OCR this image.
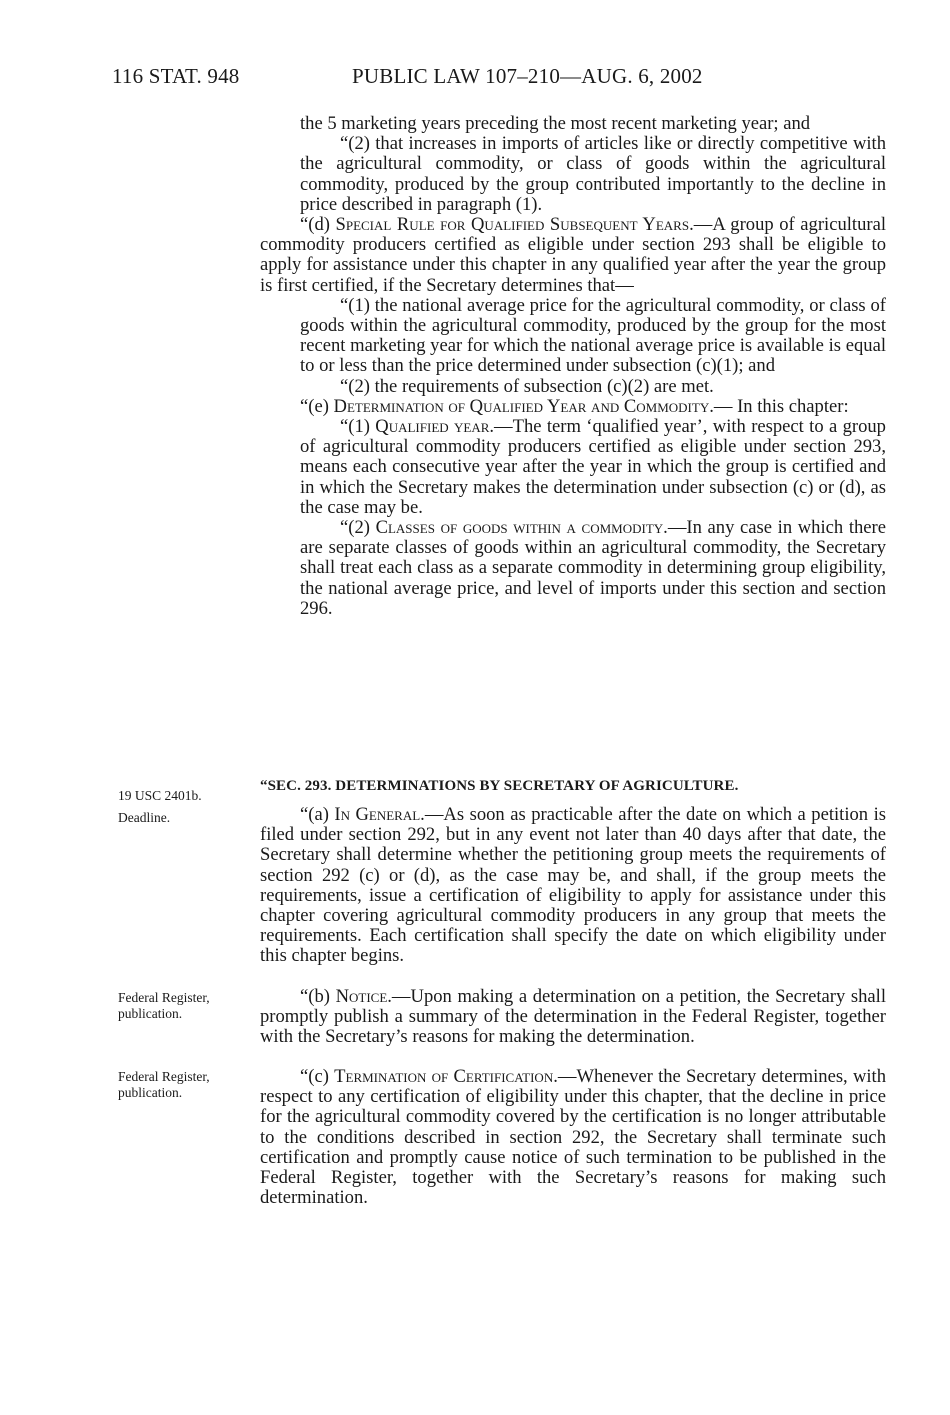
116 STAT. 948	PUBLIC LAW 107–210—AUG. 6, 2002

the 5 marketing years preceding the most recent marketing year; and

“(2) that increases in imports of articles like or directly competitive with the agricultural commodity, or class of goods within the agricultural commodity, produced by the group contributed importantly to the decline in price described in paragraph (1).

“(d) Special Rule for Qualified Subsequent Years.—A group of agricultural commodity producers certified as eligible under section 293 shall be eligible to apply for assistance under this chapter in any qualified year after the year the group is first certified, if the Secretary determines that—

“(1) the national average price for the agricultural commodity, or class of goods within the agricultural commodity, produced by the group for the most recent marketing year for which the national average price is available is equal to or less than the price determined under subsection (c)(1); and

“(2) the requirements of subsection (c)(2) are met.

“(e) Determination of Qualified Year and Commodity.— In this chapter:

“(1) Qualified year.—The term ‘qualified year’, with respect to a group of agricultural commodity producers certified as eligible under section 293, means each consecutive year after the year in which the group is certified and in which the Secretary makes the determination under subsection (c) or (d), as the case may be.

“(2) Classes of goods within a commodity.—In any case in which there are separate classes of goods within an agricultural commodity, the Secretary shall treat each class as a separate commodity in determining group eligibility, the national average price, and level of imports under this section and section 296.

19 USC 2401b.
“SEC. 293. DETERMINATIONS BY SECRETARY OF AGRICULTURE.
Deadline.	“(a) In General.—As soon as practicable after the date on which a petition is filed under section 292, but in any event not later than 40 days after that date, the Secretary shall determine whether the petitioning group meets the requirements of section 292 (c) or (d), as the case may be, and shall, if the group meets the requirements, issue a certification of eligibility to apply for assistance under this chapter covering agricultural commodity producers in any group that meets the requirements. Each certification shall specify the date on which eligibility under this chapter begins.

Federal Register, publication.

“(b) Notice.—Upon making a determination on a petition, the Secretary shall promptly publish a summary of the determination in the Federal Register, together with the Secretary’s reasons for making the determination.

Federal Register, publication.

“(c) Termination of Certification.—Whenever the Secretary determines, with respect to any certification of eligibility under this chapter, that the decline in price for the agricultural commodity covered by the certification is no longer attributable to the conditions described in section 292, the Secretary shall terminate such certification and promptly cause notice of such termination to be published in the Federal Register, together with the Secretary’s reasons for making such determination.
